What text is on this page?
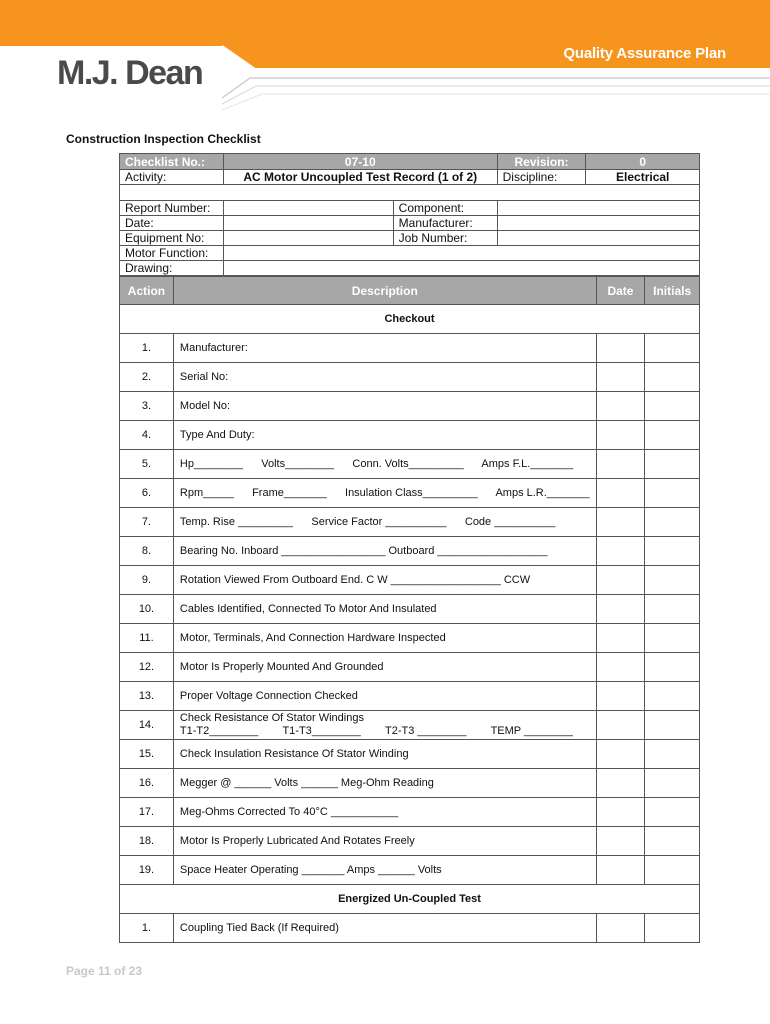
Quality Assurance Plan
M.J. Dean
Construction Inspection Checklist
Checklist No.:	07-10		Revision:	0
Activity:	AC Motor Uncoupled Test Record (1 of 2)		Discipline:	Electrical

Report Number:		Component:		
Date:		Manufacturer:		
Equipment No:		Job Number:		
Motor Function:				
Drawing:				
Action	Description	Date	Initials
Checkout			
1.	Manufacturer:		
2.	Serial No:		
3.	Model No:		
4.	Type And Duty:		
5.	Hp________      Volts________      Conn. Volts_________      Amps F.L._______		
6.	Rpm_____      Frame_______      Insulation Class_________      Amps L.R._______		
7.	Temp. Rise _________      Service Factor __________      Code __________		
8.	Bearing No. Inboard _________________ Outboard __________________		
9.	Rotation Viewed From Outboard End. C W __________________ CCW		
10.	Cables Identified, Connected To Motor And Insulated		
11.	Motor, Terminals, And Connection Hardware Inspected		
12.	Motor Is Properly Mounted And Grounded		
13.	Proper Voltage Connection Checked		
14.	Check Resistance Of Stator Windings
T1-T2________        T1-T3________        T2-T3 ________        TEMP ________		

15.	Check Insulation Resistance Of Stator Winding		
16.	Megger @ ______ Volts ______ Meg-Ohm Reading		
17.	Meg-Ohms Corrected To 40°C ___________		
18.	Motor Is Properly Lubricated And Rotates Freely		
19.	Space Heater Operating _______ Amps ______ Volts		
Energized Un-Coupled Test			
1.	Coupling Tied Back (If Required)		
Page 11 of 23
